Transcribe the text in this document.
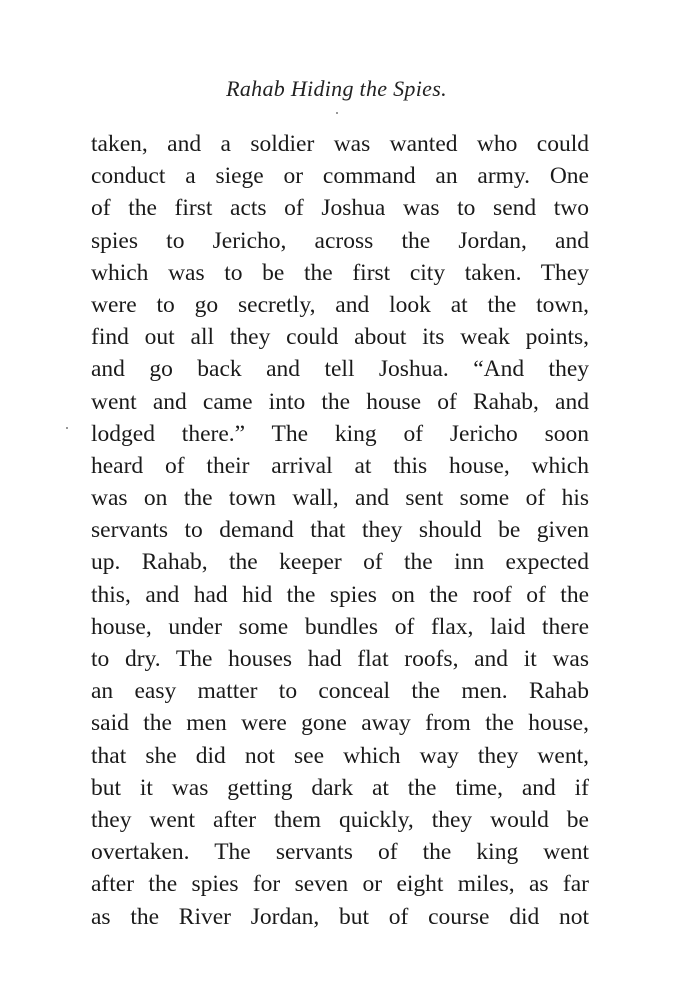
Rahab Hiding the Spies.
taken, and a soldier was wanted who could
conduct a siege or command an army. One
of the first acts of Joshua was to send two
spies to Jericho, across the Jordan, and
which was to be the first city taken. They
were to go secretly, and look at the town,
find out all they could about its weak points,
and go back and tell Joshua. “And they
went and came into the house of Rahab, and
lodged there.” The king of Jericho soon
heard of their arrival at this house, which
was on the town wall, and sent some of his
servants to demand that they should be given
up. Rahab, the keeper of the inn expected
this, and had hid the spies on the roof of the
house, under some bundles of flax, laid there
to dry. The houses had flat roofs, and it was
an easy matter to conceal the men. Rahab
said the men were gone away from the house,
that she did not see which way they went,
but it was getting dark at the time, and if
they went after them quickly, they would be
overtaken. The servants of the king went
after the spies for seven or eight miles, as far
as the River Jordan, but of course did not
